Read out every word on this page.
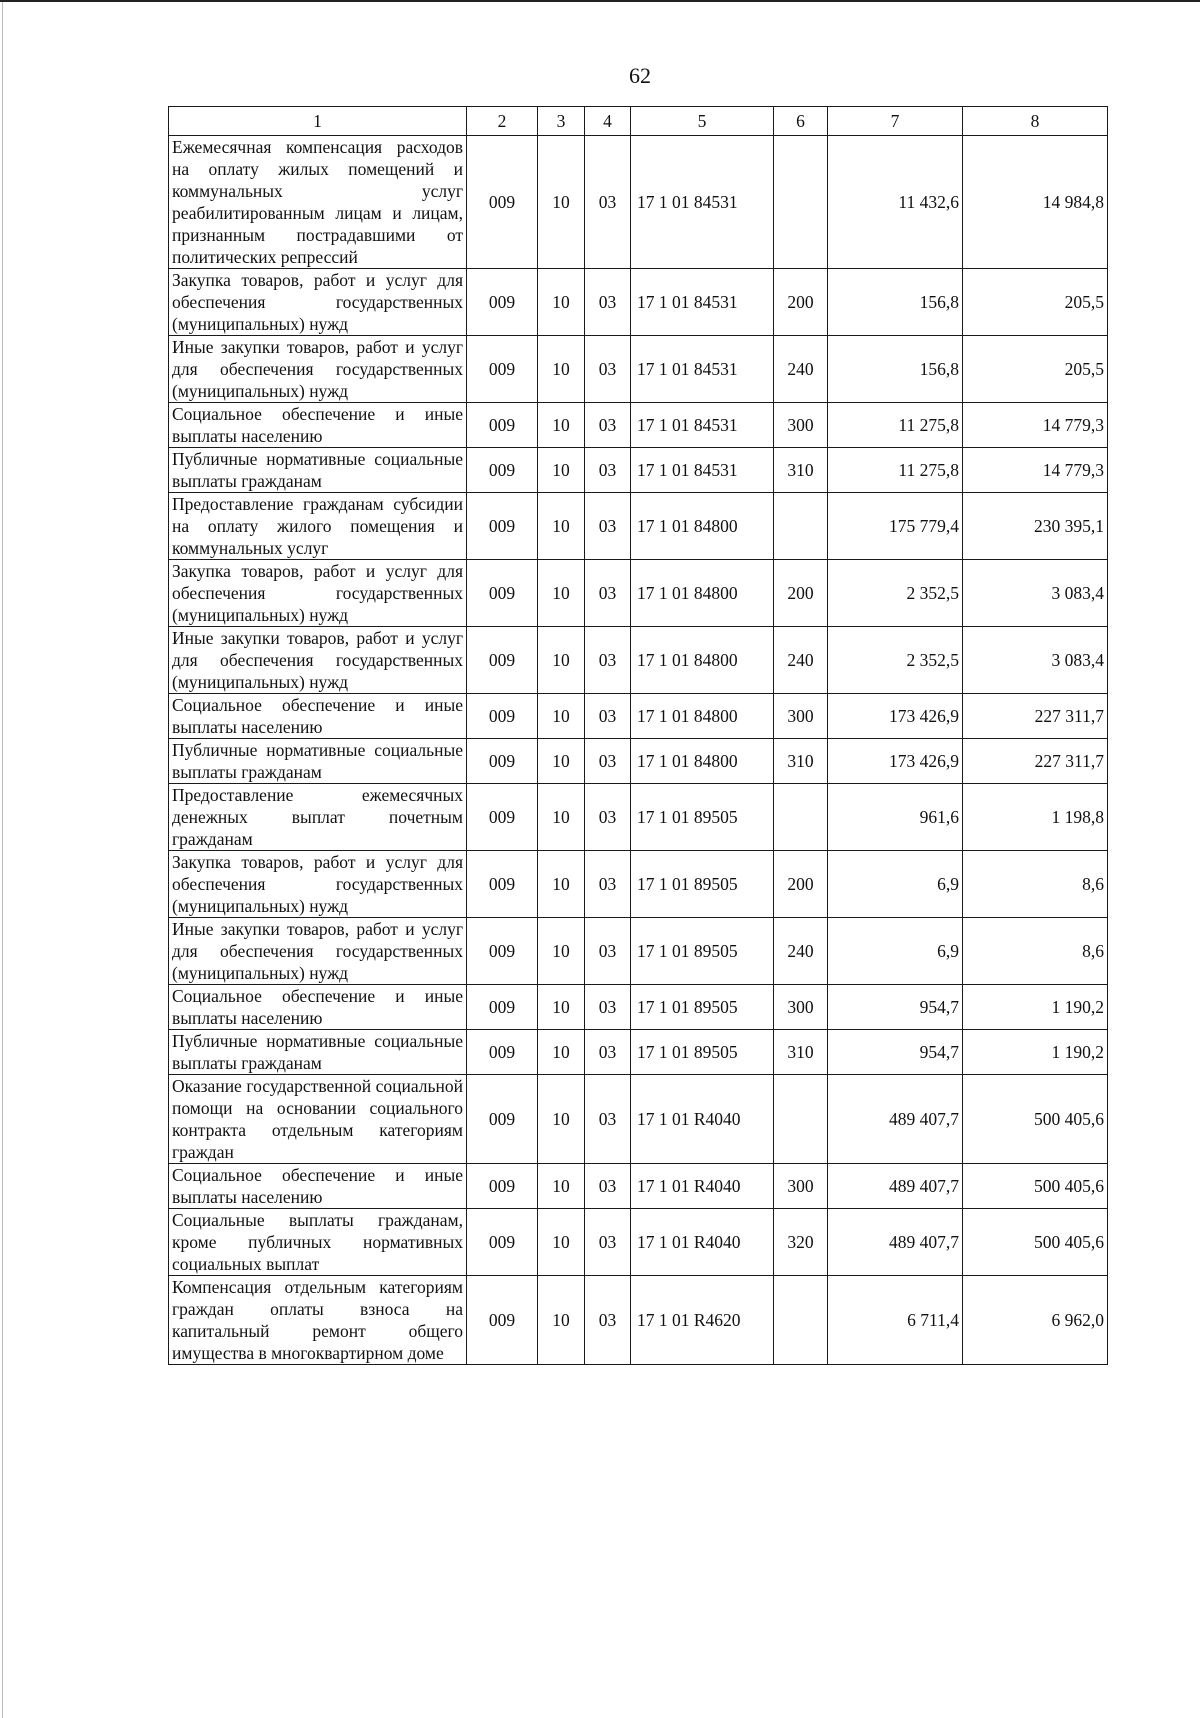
62
1	2	3	4	5	6	7	8
Ежемесячная компенсация расходов на оплату жилых помещений и коммунальных услуг реабилитированным лицам и лицам, признанным пострадавшими от политических репрессий	009	10	03	17 1 01 84531		11 432,6	14 984,8
Закупка товаров, работ и услуг для обеспечения государственных (муниципальных) нужд	009	10	03	17 1 01 84531	200	156,8	205,5
Иные закупки товаров, работ и услуг для обеспечения государственных (муниципальных) нужд	009	10	03	17 1 01 84531	240	156,8	205,5
Социальное обеспечение и иные выплаты населению	009	10	03	17 1 01 84531	300	11 275,8	14 779,3
Публичные нормативные социальные выплаты гражданам	009	10	03	17 1 01 84531	310	11 275,8	14 779,3
Предоставление гражданам субсидии на оплату жилого помещения и коммунальных услуг	009	10	03	17 1 01 84800		175 779,4	230 395,1
Закупка товаров, работ и услуг для обеспечения государственных (муниципальных) нужд	009	10	03	17 1 01 84800	200	2 352,5	3 083,4
Иные закупки товаров, работ и услуг для обеспечения государственных (муниципальных) нужд	009	10	03	17 1 01 84800	240	2 352,5	3 083,4
Социальное обеспечение и иные выплаты населению	009	10	03	17 1 01 84800	300	173 426,9	227 311,7
Публичные нормативные социальные выплаты гражданам	009	10	03	17 1 01 84800	310	173 426,9	227 311,7
Предоставление ежемесячных денежных выплат почетным гражданам	009	10	03	17 1 01 89505		961,6	1 198,8
Закупка товаров, работ и услуг для обеспечения государственных (муниципальных) нужд	009	10	03	17 1 01 89505	200	6,9	8,6
Иные закупки товаров, работ и услуг для обеспечения государственных (муниципальных) нужд	009	10	03	17 1 01 89505	240	6,9	8,6
Социальное обеспечение и иные выплаты населению	009	10	03	17 1 01 89505	300	954,7	1 190,2
Публичные нормативные социальные выплаты гражданам	009	10	03	17 1 01 89505	310	954,7	1 190,2
Оказание государственной социальной помощи на основании социального контракта отдельным категориям граждан	009	10	03	17 1 01 R4040		489 407,7	500 405,6
Социальное обеспечение и иные выплаты населению	009	10	03	17 1 01 R4040	300	489 407,7	500 405,6
Социальные выплаты гражданам, кроме публичных нормативных социальных выплат	009	10	03	17 1 01 R4040	320	489 407,7	500 405,6
Компенсация отдельным категориям граждан оплаты взноса на капитальный ремонт общего имущества в многоквартирном доме	009	10	03	17 1 01 R4620		6 711,4	6 962,0
